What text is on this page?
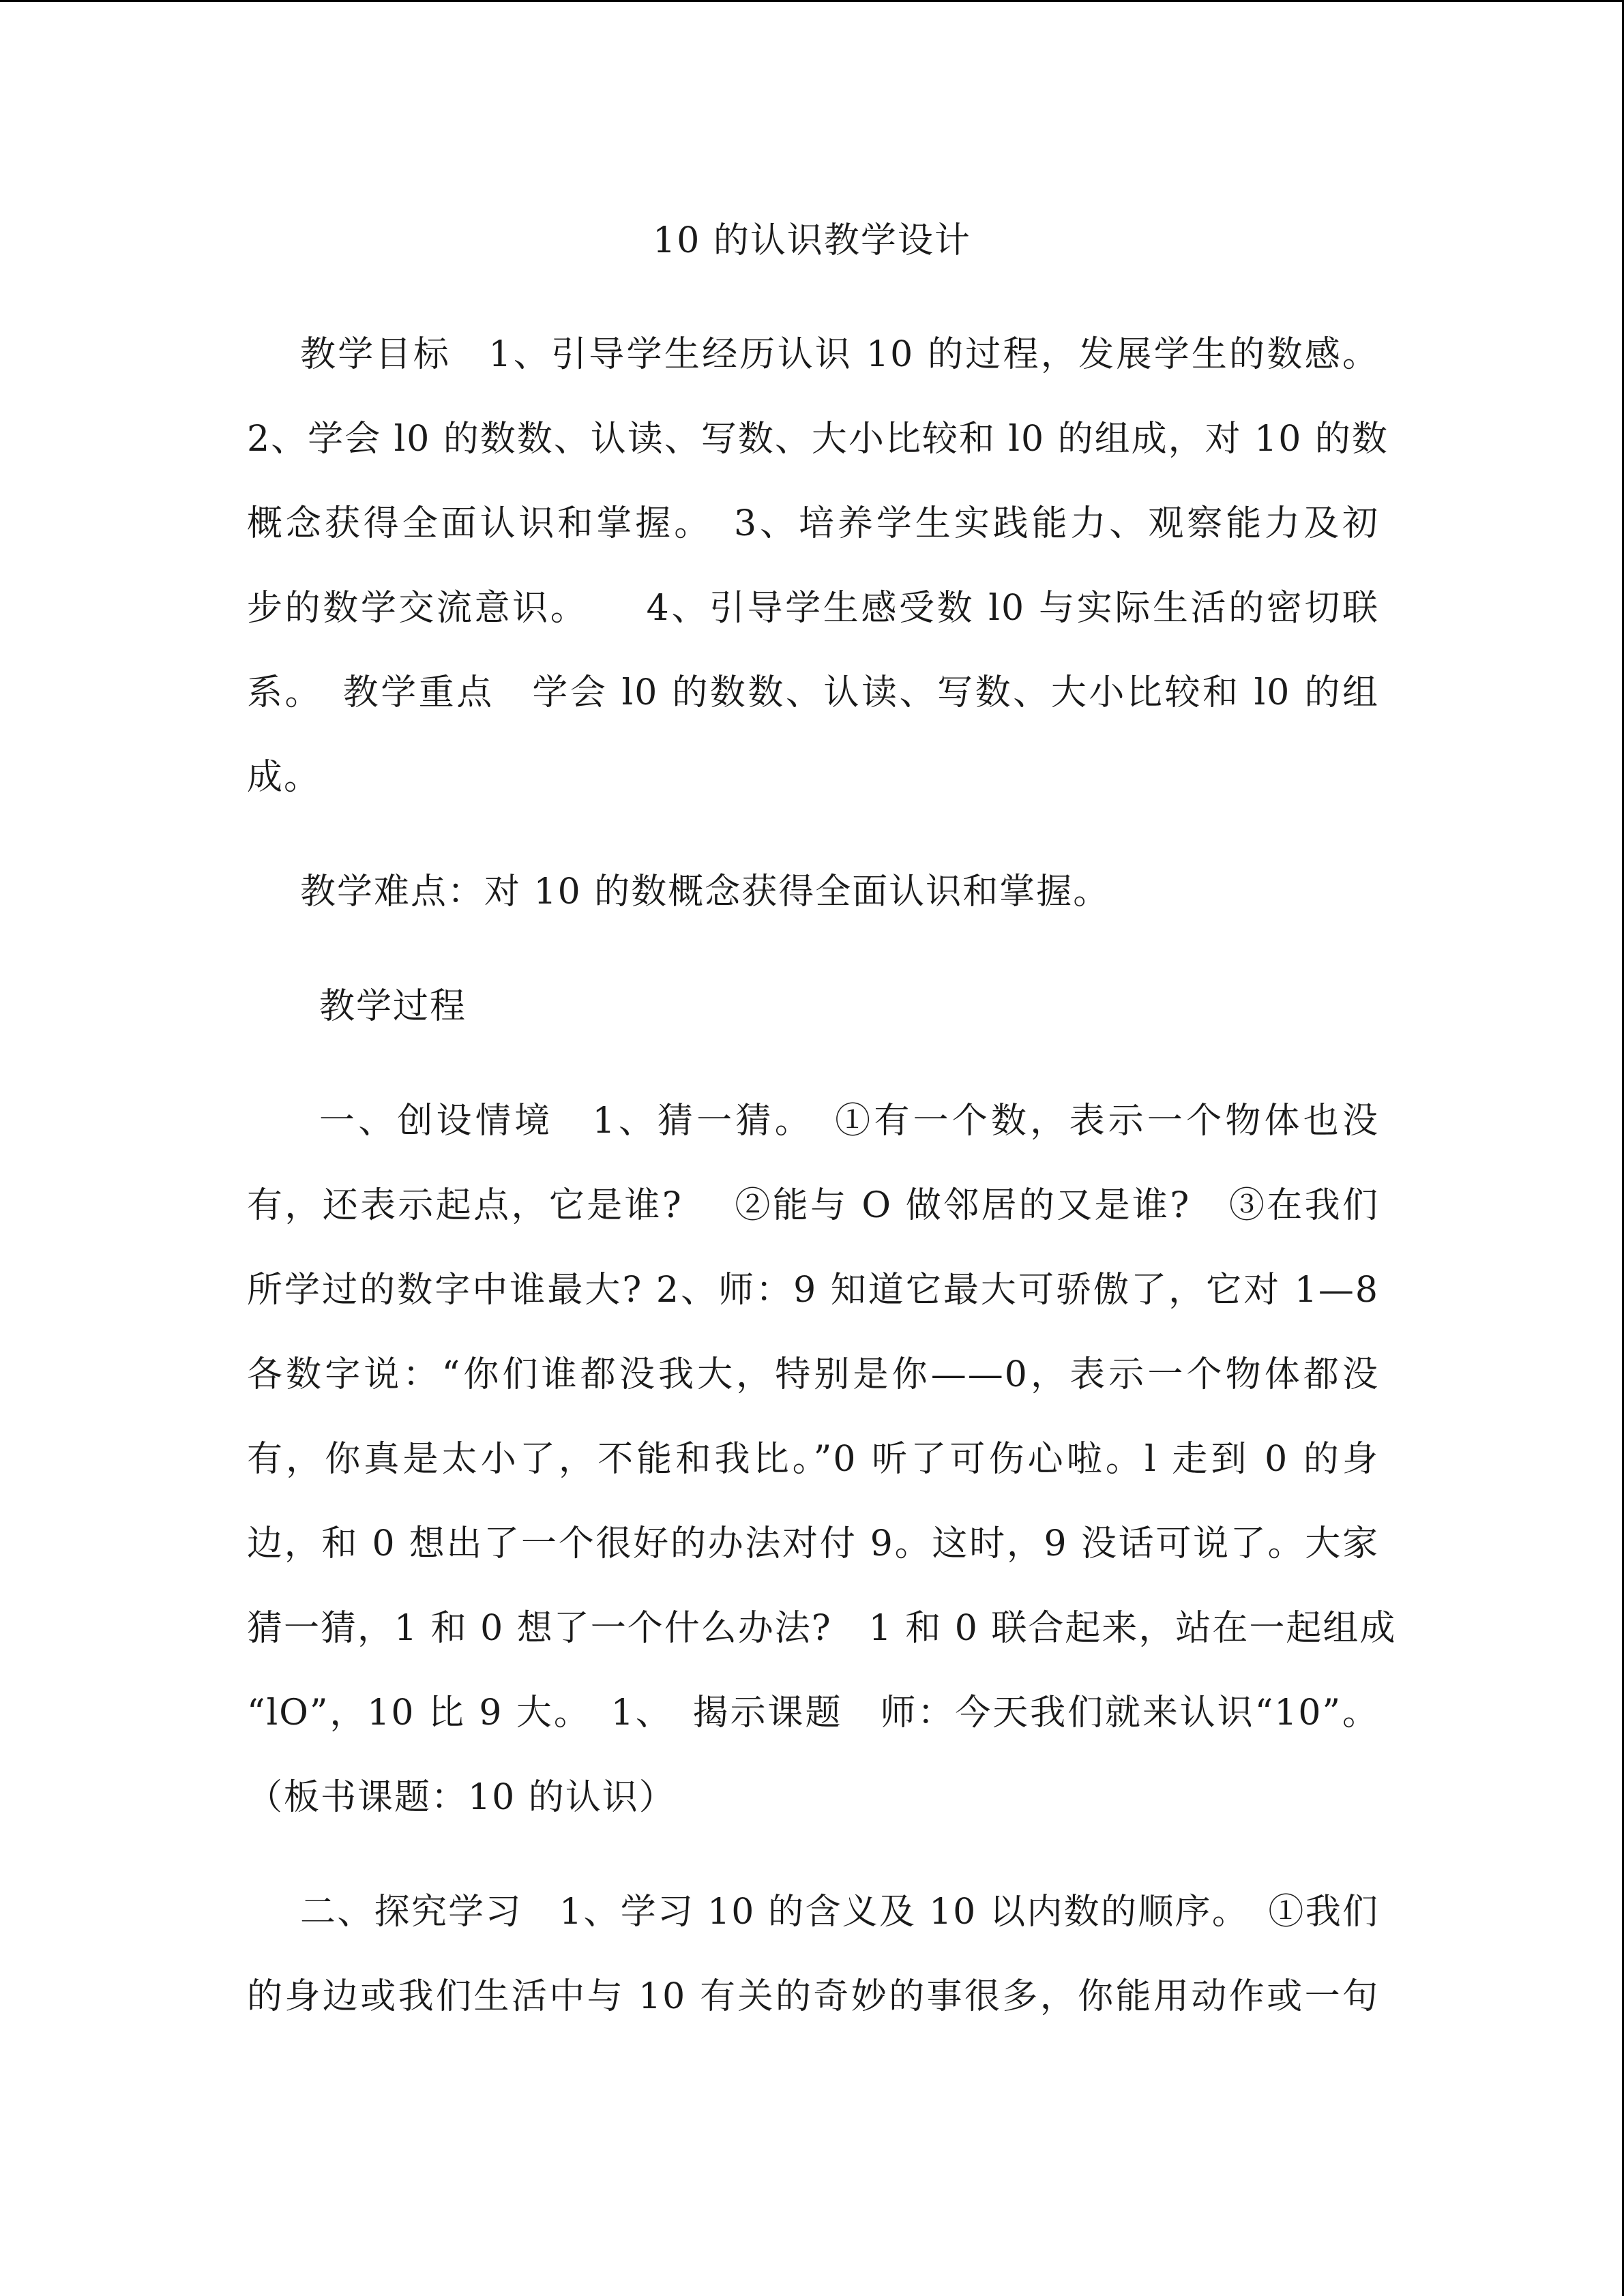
10 的认识教学设计
教学目标　1、引导学生经历认识 10 的过程，发展学生的数感。
2、学会 l0 的数数、认读、写数、大小比较和 l0 的组成，对 10 的数
概念获得全面认识和掌握。　3、培养学生实践能力、观察能力及初
步的数学交流意识。　　4、引导学生感受数 l0 与实际生活的密切联
系。　教学重点　学会 l0 的数数、认读、写数、大小比较和 l0 的组
成。
教学难点：对 10 的数概念获得全面认识和掌握。
教学过程
一、创设情境　1、猜一猜。　①有一个数，表示一个物体也没
有，还表示起点，它是谁?　 ②能与 O 做邻居的又是谁?　③在我们
所学过的数字中谁最大? 2、师：9 知道它最大可骄傲了，它对 1—8
各数字说：“你们谁都没我大，特别是你——0，表示一个物体都没
有，你真是太小了，不能和我比。”0 听了可伤心啦。l 走到 0 的身
边，和 0 想出了一个很好的办法对付 9。这时，9 没话可说了。大家
猜一猜，1 和 0 想了一个什么办法?　1 和 0 联合起来，站在一起组成
“lO”，10 比 9 大。　1、　揭示课题　师：今天我们就来认识“10”。
（板书课题：10 的认识）
二、探究学习　1、学习 10 的含义及 10 以内数的顺序。　①我们
的身边或我们生活中与 10 有关的奇妙的事很多，你能用动作或一句
